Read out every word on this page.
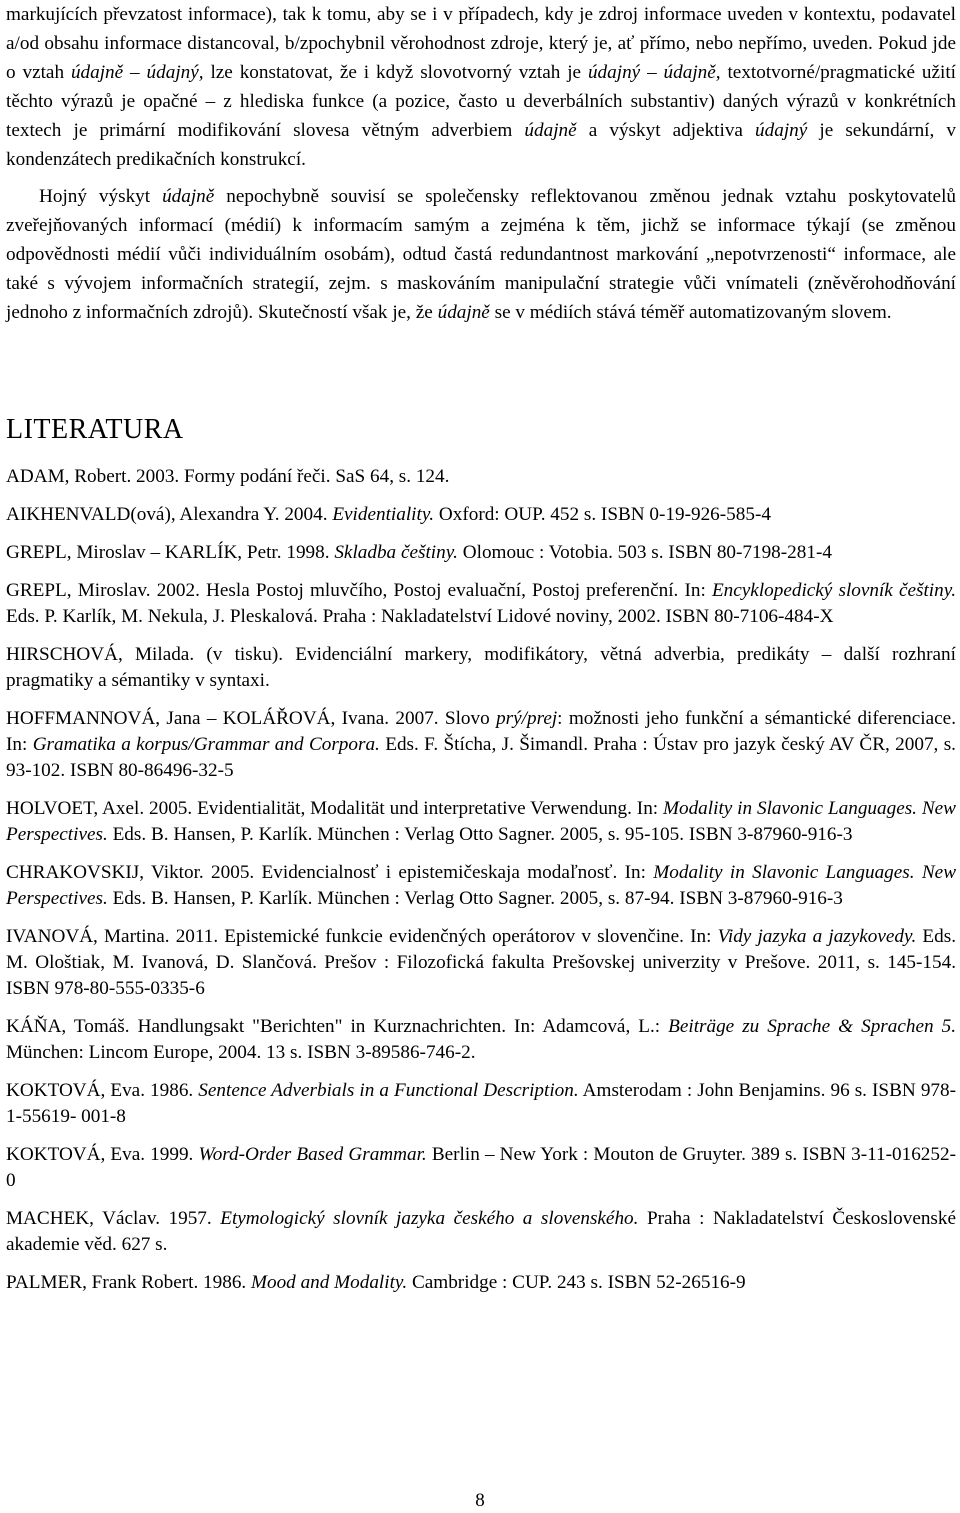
markujících převzatost informace), tak k tomu, aby se i v případech, kdy je zdroj informace uveden v kontextu, podavatel a/od obsahu informace distancoval, b/zpochybnil věrohodnost zdroje, který je, ať přímo, nebo nepřímo, uveden. Pokud jde o vztah údajně – údajný, lze konstatovat, že i když slovotvorný vztah je údajný – údajně, textotvorné/pragmatické užití těchto výrazů je opačné – z hlediska funkce (a pozice, často u deverbálních substantiv) daných výrazů v konkrétních textech je primární modifikování slovesa větným adverbiem údajně a výskyt adjektiva údajný je sekundární, v kondenzátech predikačních konstrukcí.

Hojný výskyt údajně nepochybně souvisí se společensky reflektovanou změnou jednak vztahu poskytovatelů zveřejňovaných informací (médií) k informacím samým a zejména k těm, jichž se informace týkají (se změnou odpovědnosti médií vůči individuálním osobám), odtud častá redundantnost markování „nepotvrzenosti“ informace, ale také s vývojem informačních strategií, zejm. s maskováním manipulační strategie vůči vnímateli (zněvěrohodňování jednoho z informačních zdrojů). Skutečností však je, že údajně se v médiích stává téměř automatizovaným slovem.

LITERATURA

ADAM, Robert. 2003. Formy podání řeči. SaS 64, s. 124.

AIKHENVALD(ová), Alexandra Y. 2004. Evidentiality. Oxford: OUP. 452 s. ISBN 0-19-926-585-4

GREPL, Miroslav – KARLÍK, Petr. 1998. Skladba češtiny. Olomouc : Votobia. 503 s. ISBN 80-7198-281-4

GREPL, Miroslav. 2002. Hesla Postoj mluvčího, Postoj evaluační, Postoj preferenční. In: Encyklopedický slovník češtiny. Eds. P. Karlík, M. Nekula, J. Pleskalová. Praha : Nakladatelství Lidové noviny, 2002. ISBN 80-7106-484-X

HIRSCHOVÁ, Milada. (v tisku). Evidenciální markery, modifikátory, větná adverbia, predikáty – další rozhraní pragmatiky a sémantiky v syntaxi.

HOFFMANNOVÁ, Jana – KOLÁŘOVÁ, Ivana. 2007. Slovo prý/prej: možnosti jeho funkční a sémantické diferenciace. In: Gramatika a korpus/Grammar and Corpora. Eds. F. Štícha, J. Šimandl. Praha : Ústav pro jazyk český AV ČR, 2007, s. 93-102. ISBN 80-86496-32-5

HOLVOET, Axel. 2005. Evidentialität, Modalität und interpretative Verwendung. In: Modality in Slavonic Languages. New Perspectives. Eds. B. Hansen, P. Karlík. München : Verlag Otto Sagner. 2005, s. 95-105. ISBN 3-87960-916-3

CHRAKOVSKIJ, Viktor. 2005. Evidencialnosť i epistemičeskaja modaľnosť. In: Modality in Slavonic Languages. New Perspectives. Eds. B. Hansen, P. Karlík. München : Verlag Otto Sagner. 2005, s. 87-94. ISBN 3-87960-916-3

IVANOVÁ, Martina. 2011. Epistemické funkcie evidenčných operátorov v slovenčine. In: Vidy jazyka a jazykovedy. Eds. M. Ološtiak, M. Ivanová, D. Slančová. Prešov : Filozofická fakulta Prešovskej univerzity v Prešove. 2011, s. 145-154. ISBN 978-80-555-0335-6

KÁŇA, Tomáš. Handlungsakt "Berichten" in Kurznachrichten. In: Adamcová, L.: Beiträge zu Sprache & Sprachen 5. München: Lincom Europe, 2004. 13 s. ISBN 3-89586-746-2.

KOKTOVÁ, Eva. 1986. Sentence Adverbials in a Functional Description. Amsterodam : John Benjamins. 96 s. ISBN 978-1-55619- 001-8

KOKTOVÁ, Eva. 1999. Word-Order Based Grammar. Berlin – New York : Mouton de Gruyter. 389 s. ISBN 3-11-016252-0

MACHEK, Václav. 1957. Etymologický slovník jazyka českého a slovenského. Praha : Nakladatelství Československé akademie věd. 627 s.

PALMER, Frank Robert. 1986. Mood and Modality. Cambridge : CUP. 243 s. ISBN 52-26516-9

8
